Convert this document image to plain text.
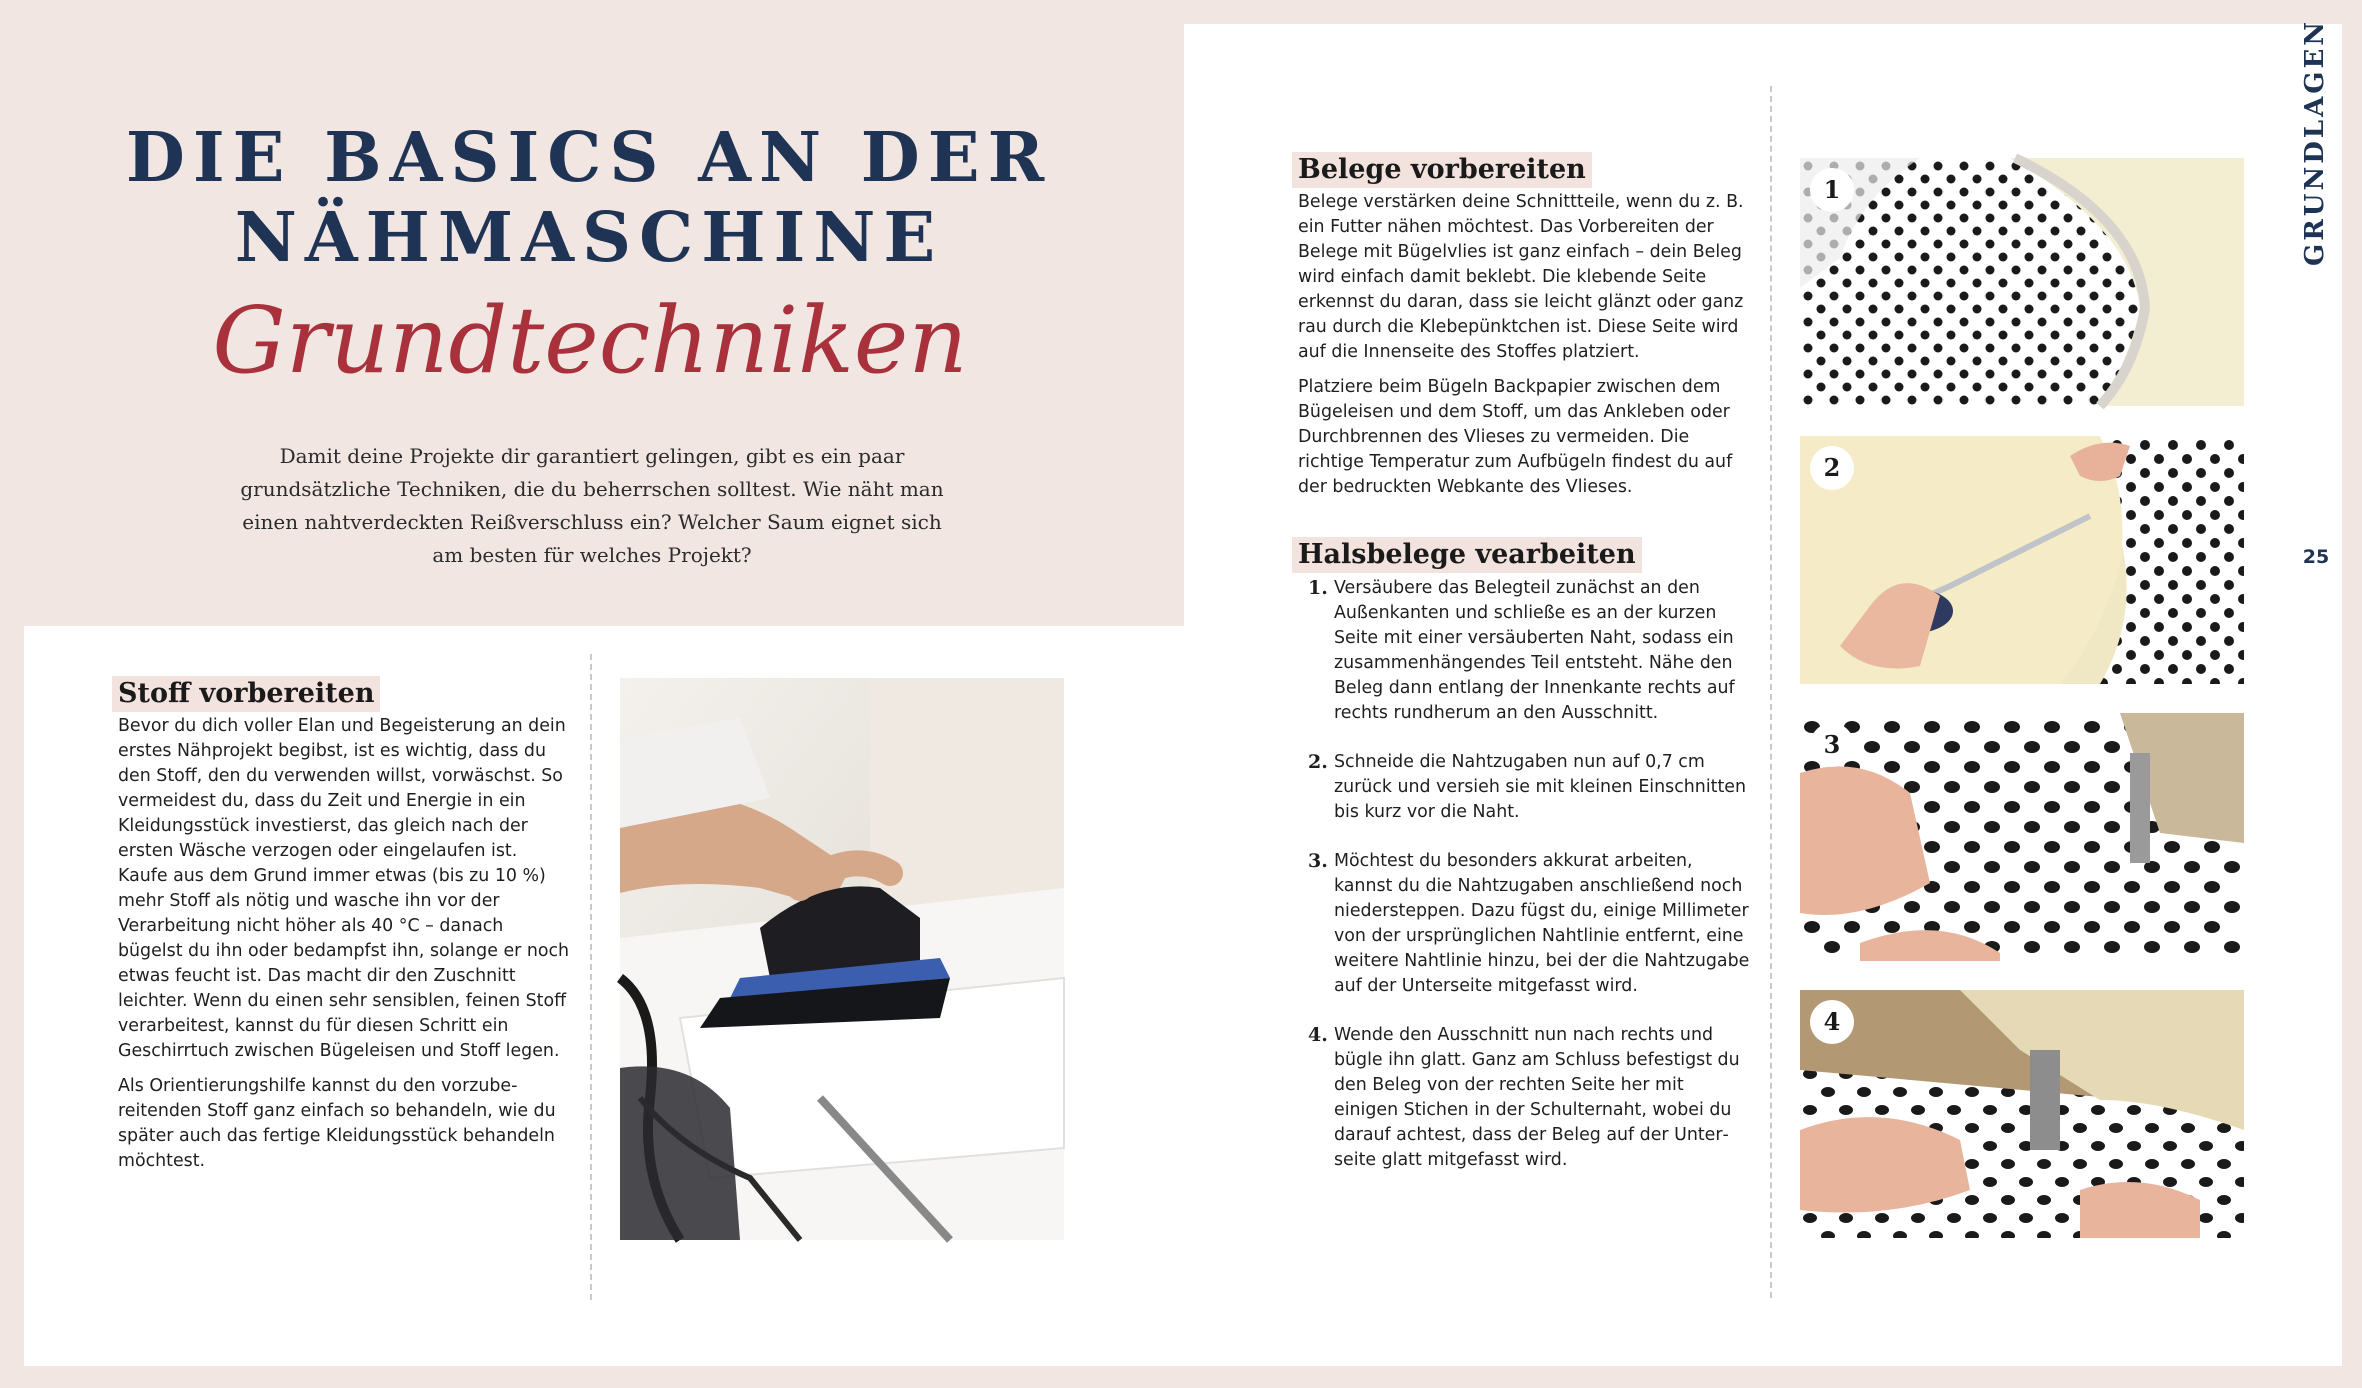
DIE BASICS AN DER
NÄHMASCHINE
Grundtechniken

Damit deine Projekte dir garantiert gelingen, gibt es ein paar grundsätzliche Techniken, die du beherrschen solltest. Wie näht man einen nahtverdeckten Reißverschluss ein? Welcher Saum eignet sich am besten für welches Projekt?

Stoff vorbereiten

Bevor du dich voller Elan und Begeisterung an dein erstes Nähprojekt begibst, ist es wichtig, dass du den Stoff, den du verwenden willst, vorwäschst. So vermeidest du, dass du Zeit und Energie in ein Kleidungsstück investierst, das gleich nach der ersten Wäsche verzogen oder eingelaufen ist. Kaufe aus dem Grund immer etwas (bis zu 10 %) mehr Stoff als nötig und wasche ihn vor der Verarbeitung nicht höher als 40 °C – danach bügelst du ihn oder bedampfst ihn, solange er noch etwas feucht ist. Das macht dir den Zuschnitt leichter. Wenn du einen sehr sensiblen, feinen Stoff verarbeitest, kannst du für diesen Schritt ein Geschirrtuch zwischen Bügeleisen und Stoff legen.

Als Orientierungshilfe kannst du den vorzubereitenden Stoff ganz einfach so behandeln, wie du später auch das fertige Kleidungsstück behandeln möchtest.

Belege vorbereiten

Belege verstärken deine Schnittteile, wenn du z. B. ein Futter nähen möchtest. Das Vorbereiten der Belege mit Bügelvlies ist ganz einfach – dein Beleg wird einfach damit beklebt. Die klebende Seite erkennst du daran, dass sie leicht glänzt oder ganz rau durch die Klebepünktchen ist. Diese Seite wird auf die Innenseite des Stoffes platziert.

Platziere beim Bügeln Backpapier zwischen dem Bügeleisen und dem Stoff, um das Ankleben oder Durchbrennen des Vlieses zu vermeiden. Die richtige Temperatur zum Aufbügeln findest du auf der bedruckten Webkante des Vlieses.

Halsbelege vearbeiten
1. Versäubere das Belegteil zunächst an den Außenkanten und schließe es an der kurzen Seite mit einer versäuberten Naht, sodass ein zusammenhängendes Teil entsteht. Nähe den Beleg dann entlang der Innenkante rechts auf rechts rundherum an den Ausschnitt.
2. Schneide die Nahtzugaben nun auf 0,7 cm zurück und versieh sie mit kleinen Einschnitten bis kurz vor die Naht.
3. Möchtest du besonders akkurat arbeiten, kannst du die Nahtzugaben anschließend noch niedersteppen. Dazu fügst du, einige Millimeter von der ursprünglichen Nahtlinie entfernt, eine weitere Nahtlinie hinzu, bei der die Nahtzugabe auf der Unterseite mitgefasst wird.
4. Wende den Ausschnitt nun nach rechts und bügle ihn glatt. Ganz am Schluss befestigst du den Beleg von der rechten Seite her mit einigen Stichen in der Schulternaht, wobei du darauf achtest, dass der Beleg auf der Unterseite glatt mitgefasst wird.
1
2
3
4
GRUNDLAGEN
25
